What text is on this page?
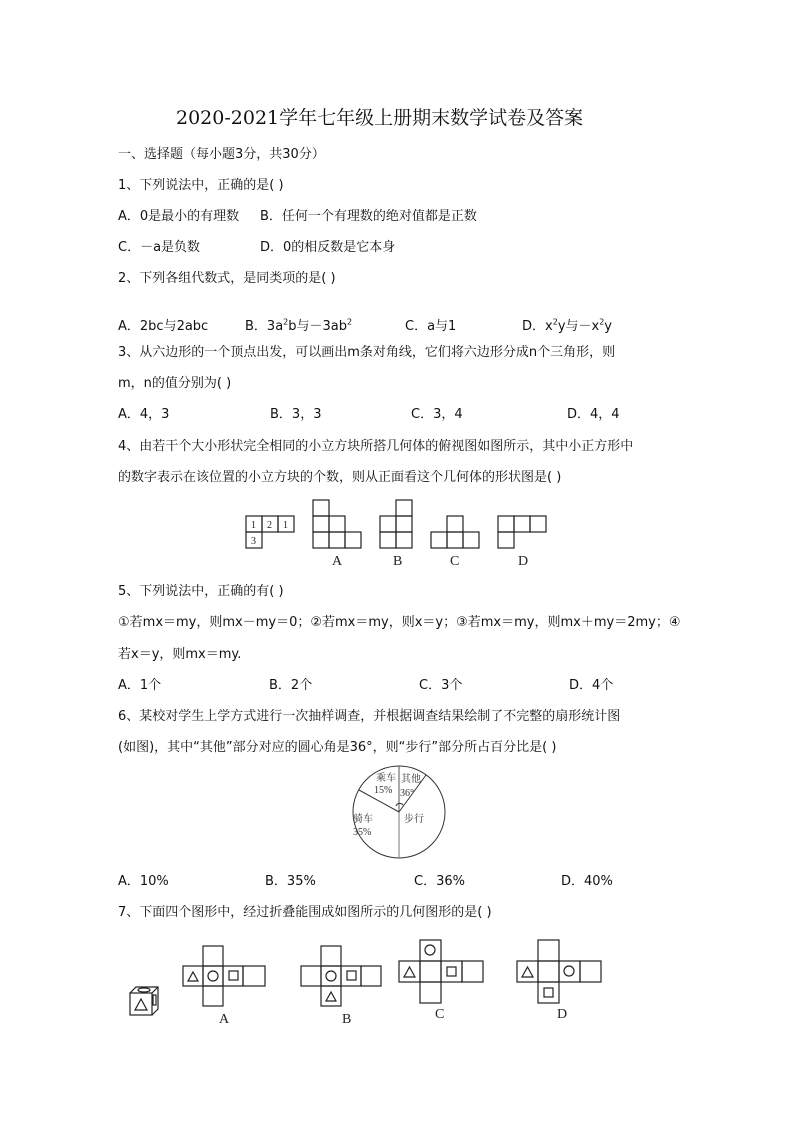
2020-2021学年七年级上册期末数学试卷及答案
一、选择题（每小题3分，共30分）
1、下列说法中，正确的是( )
A．0是最小的有理数 B．任何一个有理数的绝对值都是正数
C．－a是负数	D．0的相反数是它本身
2、下列各组代数式，是同类项的是( )
A．2bc与2abc	B．$3a^2b$与$-3ab^2$	C．a与1	D．$x^2y$与$-x^2y$
3、从六边形的一个顶点出发，可以画出m条对角线，它们将六边形分成n个三角形，则
m，n的值分别为( )
A．4，3	B．3，3	C．3，4	D．4，4
4、由若干个大小形状完全相同的小立方块所搭几何体的俯视图如图所示，其中小正方形中
的数字表示在该位置的小立方块的个数，则从正面看这个几何体的形状图是( )
1 2 1
3
A	B	C	D
5、下列说法中，正确的有( )
①若mx＝my，则mx－my＝0；②若mx＝my，则x＝y；③若mx＝my，则mx＋my＝2my；④
若x＝y，则mx＝my.
A．1个	B．2个	C．3个	D．4个
6、某校对学生上学方式进行一次抽样调查，并根据调查结果绘制了不完整的扇形统计图
(如图)，其中“其他”部分对应的圆心角是36°，则“步行”部分所占百分比是( )
乘车
15%
其他
36°
步行
骑车
35%
A．10%	B．35%	C．36%	D．40%
7、下面四个图形中，经过折叠能围成如图所示的几何图形的是( )
A	B	C	D
